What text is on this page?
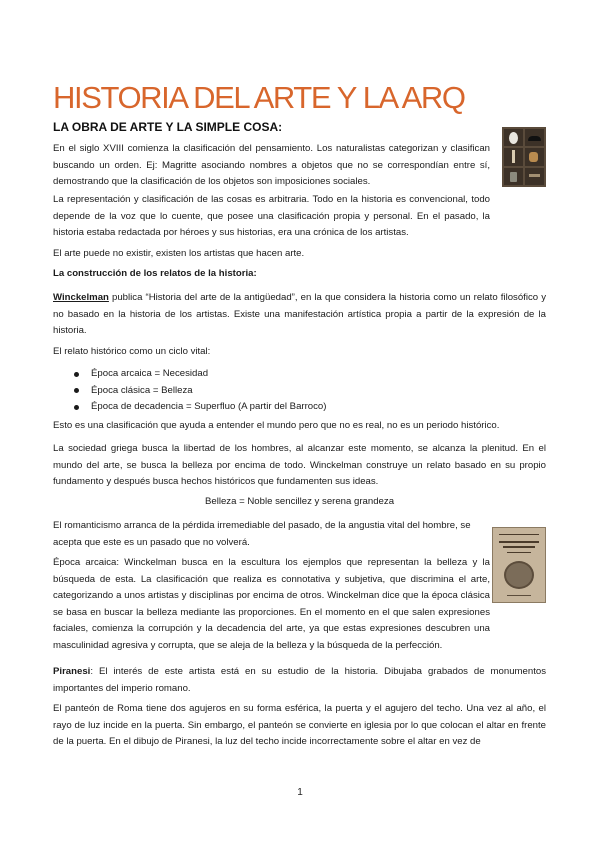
HISTORIA DEL ARTE Y LA ARQ
LA OBRA DE ARTE Y LA SIMPLE COSA:
En el siglo XVIII comienza la clasificación del pensamiento. Los naturalistas categorizan y clasifican buscando un orden. Ej: Magritte asociando nombres a objetos que no se correspondían entre sí, demostrando que la clasificación de los objetos son imposiciones sociales.
La representación y clasificación de las cosas es arbitraria. Todo en la historia es convencional, todo depende de la voz que lo cuente, que posee una clasificación propia y personal. En el pasado, la historia estaba redactada por héroes y sus historias, era una crónica de los artistas.
El arte puede no existir, existen los artistas que hacen arte.
La construcción de los relatos de la historia:
Winckelman publica “Historia del arte de la antigüedad”, en la que considera la historia como un relato filosófico y no basado en la historia de los artistas. Existe una manifestación artística propia a partir de la expresión de la historia.
El relato histórico como un ciclo vital:
Época arcaica = Necesidad
Época clásica = Belleza
Época de decadencia = Superfluo (A partir del Barroco)
Esto es una clasificación que ayuda a entender el mundo pero que no es real, no es un periodo histórico.
La sociedad griega busca la libertad de los hombres, al alcanzar este momento, se alcanza la plenitud. En el mundo del arte, se busca la belleza por encima de todo. Winckelman construye un relato basado en su propio fundamento y después busca hechos históricos que fundamenten sus ideas.
Belleza = Noble sencillez y serena grandeza
El romanticismo arranca de la pérdida irremediable del pasado, de la angustia vital del hombre, se acepta que este es un pasado que no volverá.
Época arcaica: Winckelman busca en la escultura los ejemplos que representan la belleza y la búsqueda de esta. La clasificación que realiza es connotativa y subjetiva, que discrimina el arte, categorizando a unos artistas y disciplinas por encima de otros. Winckelman dice que la época clásica se basa en buscar la belleza mediante las proporciones. En el momento en el que salen expresiones faciales, comienza la corrupción y la decadencia del arte, ya que estas expresiones descubren una masculinidad agresiva y corrupta, que se aleja de la belleza y la búsqueda de la perfección.
Piranesi: El interés de este artista está en su estudio de la historia. Dibujaba grabados de monumentos importantes del imperio romano.
El panteón de Roma tiene dos agujeros en su forma esférica, la puerta y el agujero del techo. Una vez al año, el rayo de luz incide en la puerta. Sin embargo, el panteón se convierte en iglesia por lo que colocan el altar en frente de la puerta. En el dibujo de Piranesi, la luz del techo incide incorrectamente sobre el altar en vez de
1
